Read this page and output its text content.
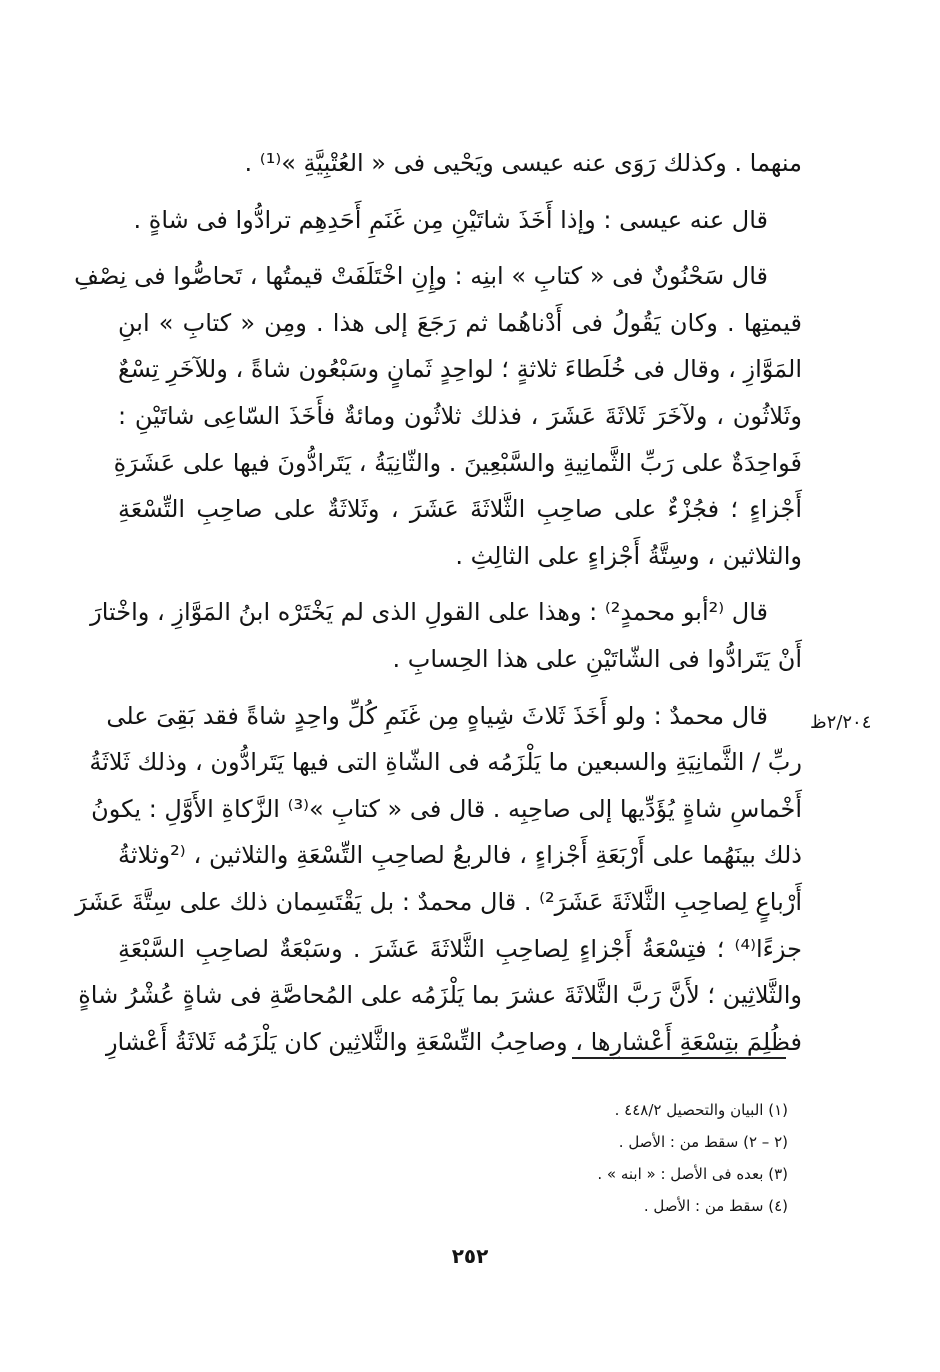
منهما . وكذلك رَوَى عنه عيسى ويَحْيى فى « العُتْبِيَّةِ »⁽¹⁾ .
قال عنه عيسى : وإذا أَخَذَ شاتَيْنِ مِن غَنَمِ أَحَدِهِم ترادُّوا فى شاةٍ .
قال سَحْنُونٌ فى « كتابِ » ابنِه : وإِنِ اخْتَلَفَتْ قيمتُها ، تَحاصُّوا فى نِصْفِ
قيمتِها . وكان يَقُولُ فى أَدْناهُما ثم رَجَعَ إلى هذا . ومِن « كتابِ » ابنِ
المَوَّازِ ، وقال فى خُلَطاءَ ثلاثةٍ ؛ لواحِدٍ ثَمانٍ وسَبْعُون شاةً ، وللآخَرِ تِسْعٌ
وثَلاثُون ، ولآخَرَ ثَلاثَةَ عَشَرَ ، فذلك ثلاثُون ومائةٌ فأَخَذَ السّاعِى شاتَيْنِ :
فَواحِدَةٌ على رَبِّ الثَّمانِيةِ والسَّبْعِينَ . والثّانِيَةُ ، يَتَرادُّونَ فيها على عَشَرَةِ
أَجْزاءٍ ؛ فجُزْءٌ على صاحِبِ الثَّلاثَةَ عَشَرَ ، وثَلاثَةٌ على صاحِبِ التِّسْعَةِ
والثلاثين ، وسِتَّةُ أَجْزاءٍ على الثالِثِ .
قال ⁽²أبو محمدٍ²⁾ : وهذا على القولِ الذى لم يَخْتَرْه ابنُ المَوَّازِ ، واخْتارَ
أَنْ يَتَرادُّوا فى الشّاتَيْنِ على هذا الحِسابِ .
قال محمدٌ : ولو أَخَذَ ثَلاثَ شِياهٍ مِن غَنَمِ كُلِّ واحِدٍ شاةً فقد بَقِىَ على
ربِّ / الثَّمانِيَةِ والسبعين ما يَلْزَمُه فى الشّاةِ التى فيها يَتَرادُّون ، وذلك ثَلاثَةُ
أَخْماسِ شاةٍ يُؤَدِّيها إلى صاحِبِه . قال فى « كتابِ »⁽³⁾ الزَّكاةِ الأَوَّلِ : يكونُ
ذلك بينَهُما على أَرْبَعَةِ أَجْزاءٍ ، فالربعُ لصاحِبِ التِّسْعَةِ والثلاثين ، ⁽²وثلاثةُ
أَرْباعٍ لِصاحِبِ الثَّلاثَةَ عَشَرَ²⁾ . قال محمدٌ : بل يَقْتَسِمان ذلك على سِتَّةَ عَشَرَ
جزءًا⁽⁴⁾ ؛ فتِسْعَةُ أَجْزاءٍ لِصاحِبِ الثَّلاثَةَ عَشَرَ . وسَبْعَةٌ لصاحِبِ السَّبْعَةِ
والثَّلاثِين ؛ لأَنَّ رَبَّ الثَّلاثَةَ عشرَ بما يَلْزَمُه على المُحاصَّةِ فى شاةٍ عُشْرُ شاةٍ
فظُلِمَ بتِسْعَةِ أَعْشارِها ، وصاحِبُ التِّسْعَةِ والثَّلاثِين كان يَلْزَمُه ثَلاثَةُ أَعْشارِ
٢/٢٠٤ظ
(١) البيان والتحصيل ٤٤٨/٢ .
(٢ – ٢) سقط من : الأصل .
(٣) بعده فى الأصل : « ابنه » .
(٤) سقط من : الأصل .
٢٥٢
